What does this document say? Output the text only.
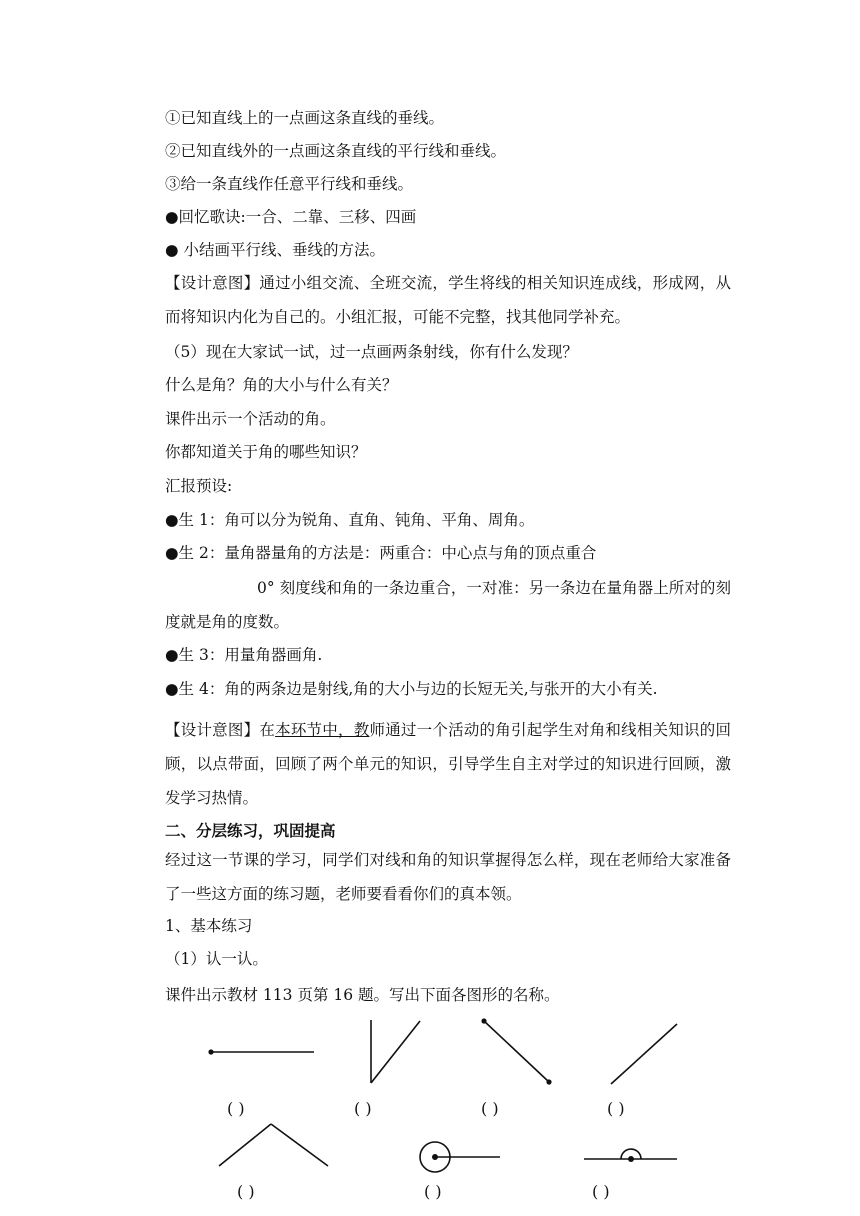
①已知直线上的一点画这条直线的垂线。
②已知直线外的一点画这条直线的平行线和垂线。
③给一条直线作任意平行线和垂线。
●回忆歌诀:一合、二靠、三移、四画
● 小结画平行线、垂线的方法。
【设计意图】通过小组交流、全班交流，学生将线的相关知识连成线，形成网，从而将知识内化为自己的。小组汇报，可能不完整，找其他同学补充。
（5）现在大家试一试，过一点画两条射线，你有什么发现？
什么是角？角的大小与什么有关？
课件出示一个活动的角。
你都知道关于角的哪些知识？
汇报预设:
●生 1：角可以分为锐角、直角、钝角、平角、周角。
●生 2：量角器量角的方法是：两重合：中心点与角的顶点重合
0° 刻度线和角的一条边重合，一对准：另一条边在量角器上所对的刻度就是角的度数。
●生 3：用量角器画角.
●生 4：角的两条边是射线,角的大小与边的长短无关,与张开的大小有关.
【设计意图】在本环节中，教师通过一个活动的角引起学生对角和线相关知识的回顾，以点带面，回顾了两个单元的知识，引导学生自主对学过的知识进行回顾，激发学习热情。
二、分层练习，巩固提高
经过这一节课的学习，同学们对线和角的知识掌握得怎么样，现在老师给大家准备了一些这方面的练习题，老师要看看你们的真本领。
1、基本练习
（1）认一认。
课件出示教材 113 页第 16 题。写出下面各图形的名称。
( )	( )	( )	( )
( )	( )	( )
